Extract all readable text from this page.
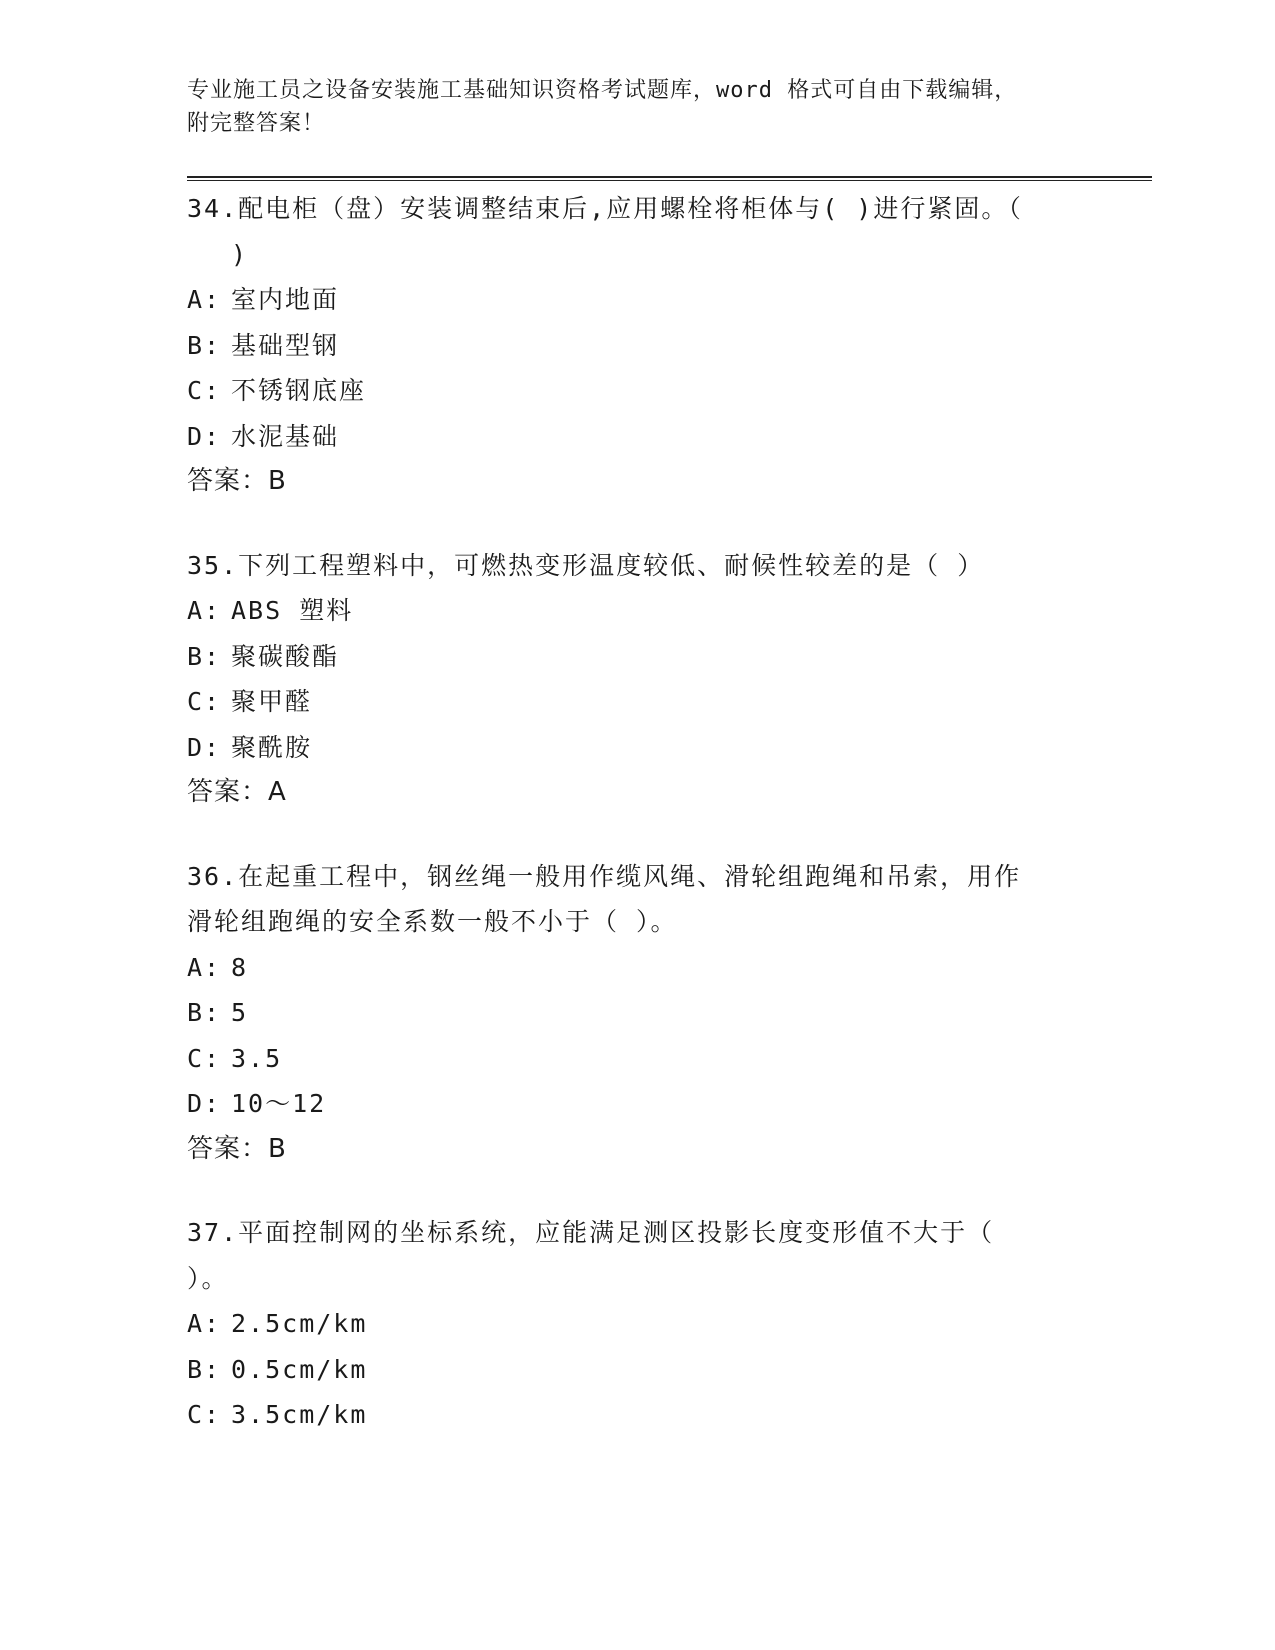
专业施工员之设备安装施工基础知识资格考试题库，word 格式可自由下载编辑，
附完整答案！
34.配电柜（盘）安装调整结束后,应用螺栓将柜体与( )进行紧固。（
)
A: 室内地面
B: 基础型钢
C: 不锈钢底座
D: 水泥基础
答案：B
35.下列工程塑料中，可燃热变形温度较低、耐候性较差的是（ ）
A: ABS 塑料
B: 聚碳酸酯
C: 聚甲醛
D: 聚酰胺
答案：A
36.在起重工程中，钢丝绳一般用作缆风绳、滑轮组跑绳和吊索，用作
滑轮组跑绳的安全系数一般不小于（ ）。
A: 8
B: 5
C: 3.5
D: 10～12
答案：B
37.平面控制网的坐标系统，应能满足测区投影长度变形值不大于（
）。
A: 2.5cm/km
B: 0.5cm/km
C: 3.5cm/km
